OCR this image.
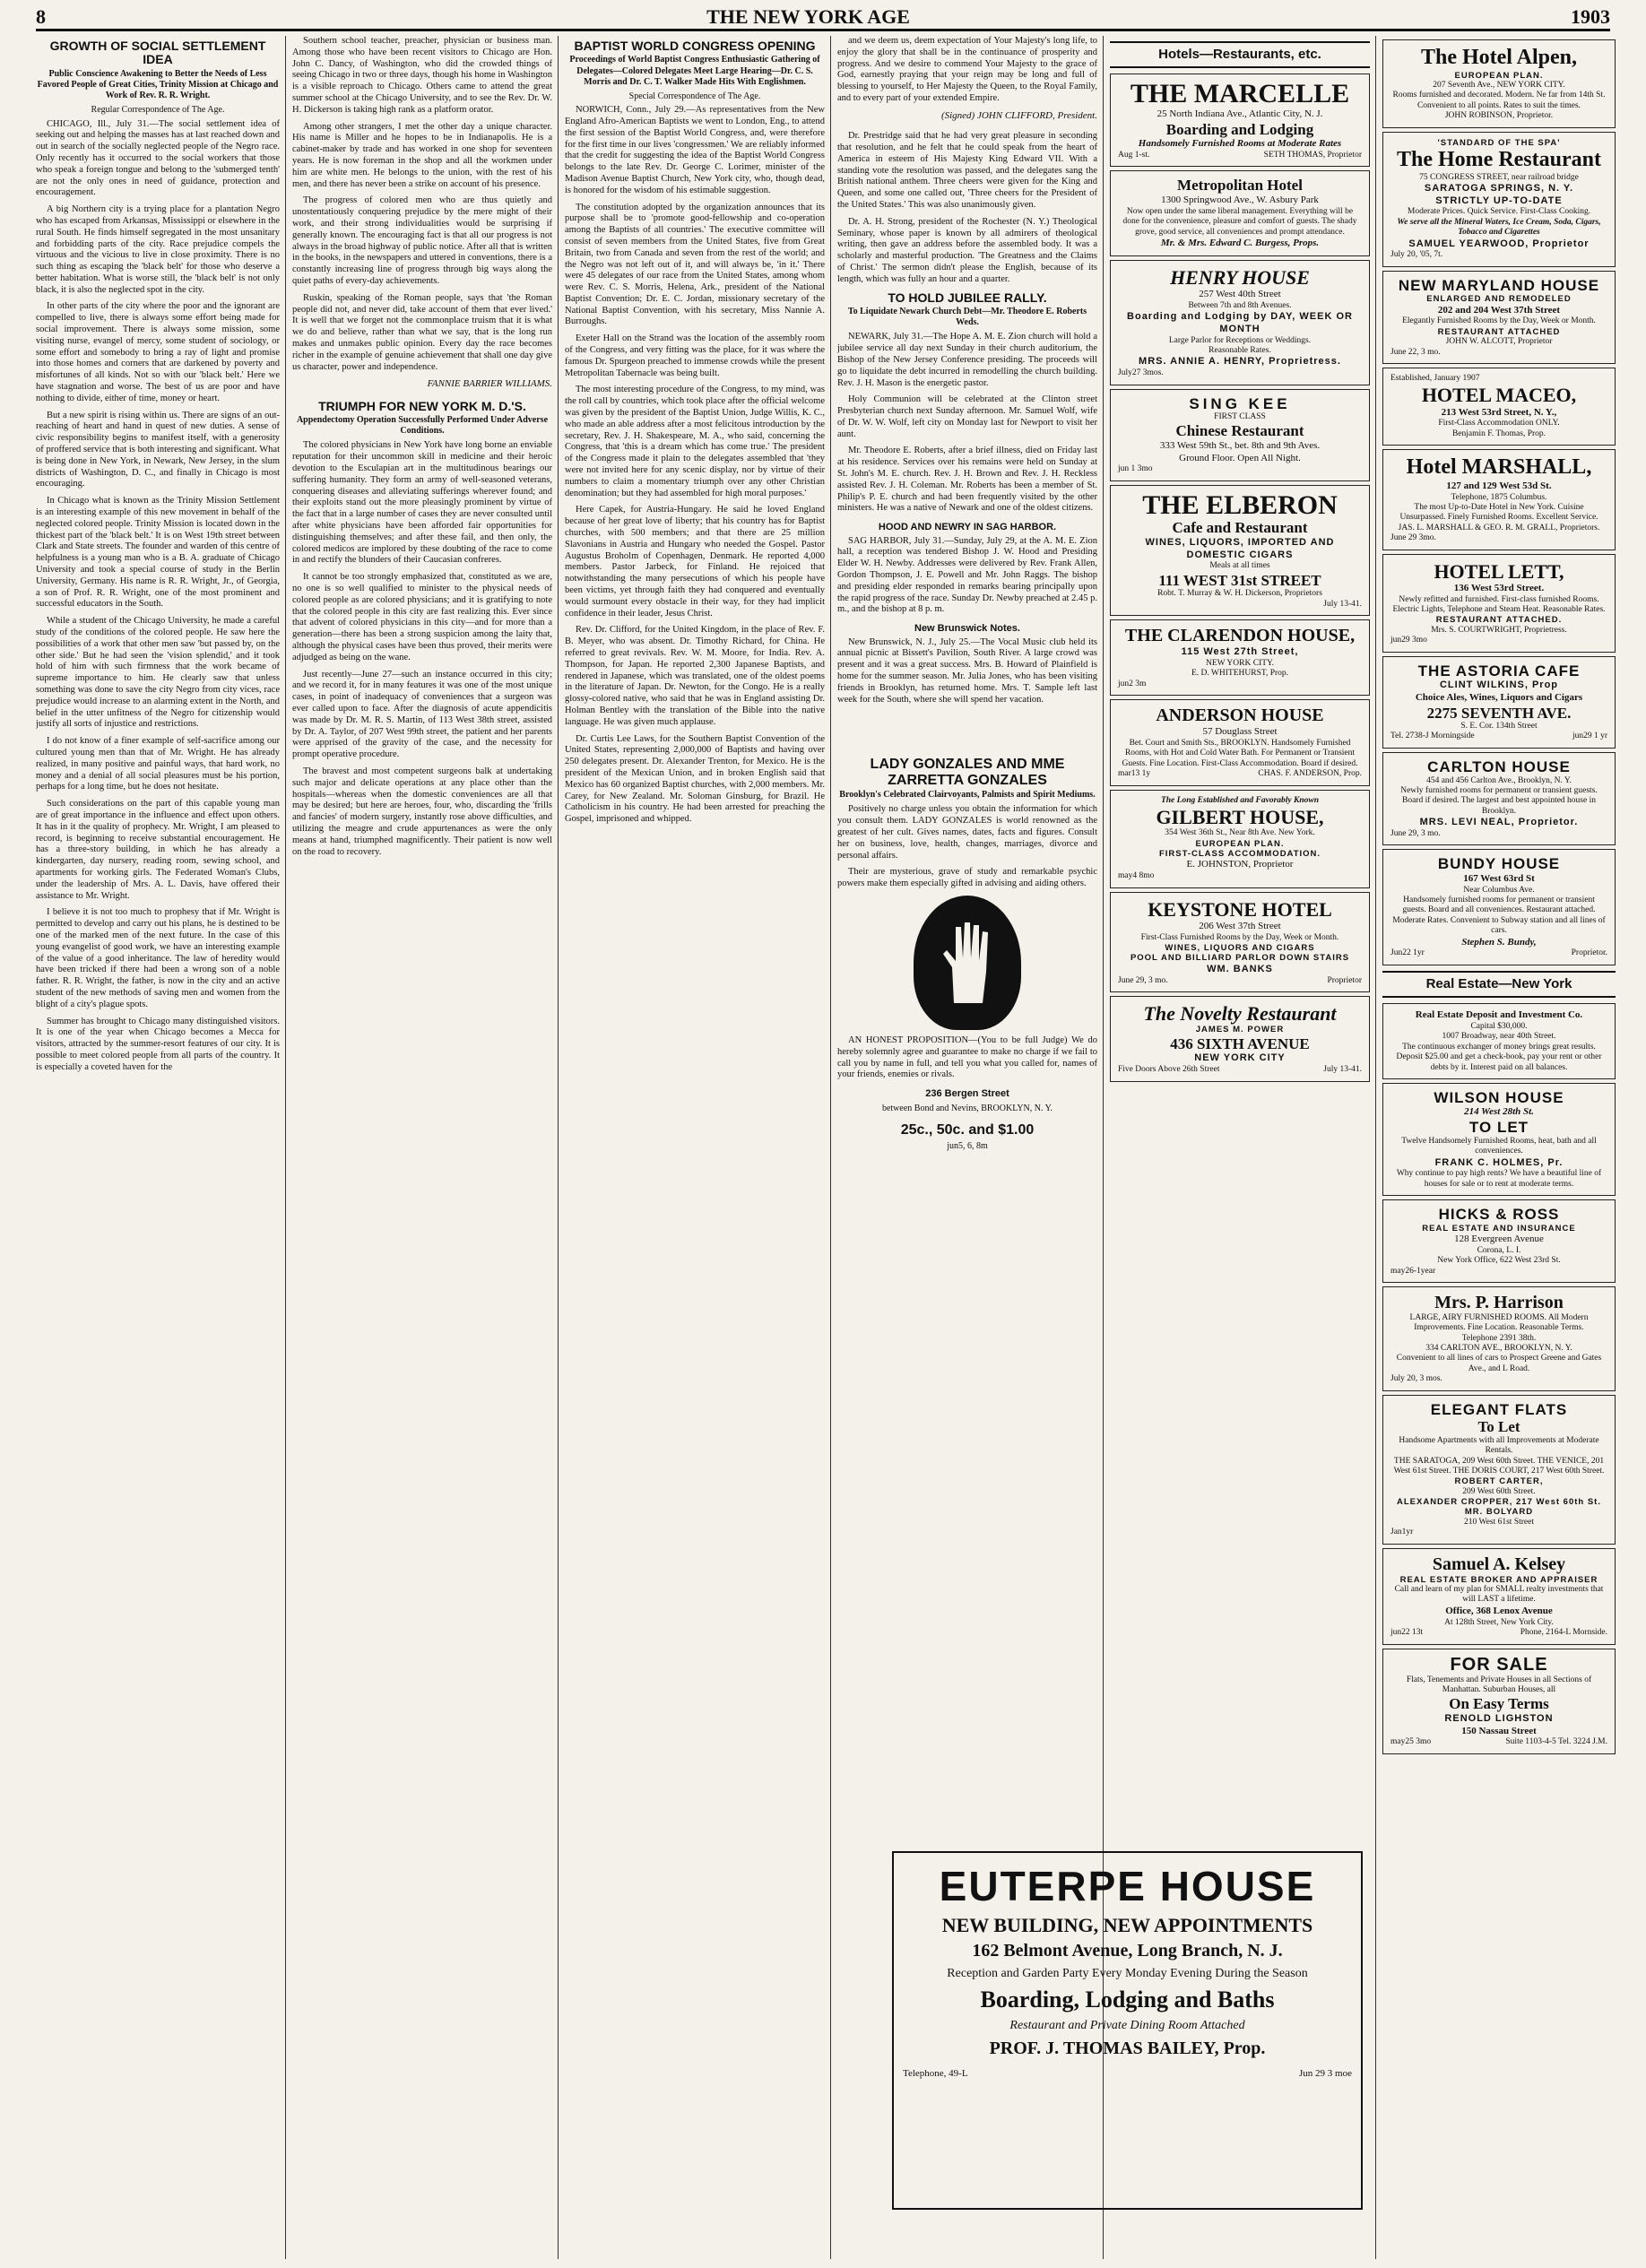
8	THE NEW YORK AGE	1903
GROWTH OF SOCIAL SETTLEMENT IDEA
Public Conscience Awakening to Better the Needs of Less Favored People of Great Cities, Trinity Mission at Chicago and Work of Rev. R. R. Wright.
Regular Correspondence of The Age.

CHICAGO, Ill., July 31.—The social settlement idea of seeking out and helping the masses has at last reached down and out in search of the socially neglected people of the Negro race. Only recently has it occurred to the social workers that those who speak a foreign tongue and belong to the 'submerged tenth' are not the only ones in need of guidance, protection and encouragement.

A big Northern city is a trying place for a plantation Negro who has escaped from Arkansas, Mississippi or elsewhere in the rural South. He finds himself segregated in the most unsanitary and forbidding parts of the city. Race prejudice compels the virtuous and the vicious to live in close proximity. There is no such thing as escaping the 'black belt' for those who deserve a better habitation. What is worse still, the 'black belt' is not only black, it is also the neglected spot in the city.

In other parts of the city where the poor and the ignorant are compelled to live, there is always some effort being made for social improvement. There is always some mission, some visiting nurse, evangel of mercy, some student of sociology, or some effort and somebody to bring a ray of light and promise into those homes and corners that are darkened by poverty and misfortunes of all kinds. Not so with our 'black belt.' Here we have stagnation and worse. The best of us are poor and have nothing to divide, either of time, money or heart.

But a new spirit is rising within us. There are signs of an out-reaching of heart and hand in quest of new duties. A sense of civic responsibility begins to manifest itself, with a generosity of proffered service that is both interesting and significant. What is being done in New York, in Newark, New Jersey, in the slum districts of Washington, D. C., and finally in Chicago is most encouraging.

In Chicago what is known as the Trinity Mission Settlement is an interesting example of this new movement in behalf of the neglected colored people. Trinity Mission is located down in the thickest part of the 'black belt.' It is on West 19th street between Clark and State streets. The founder and warden of this centre of helpfulness is a young man who is a B. A. graduate of Chicago University and took a special course of study in the Berlin University, Germany. His name is R. R. Wright, Jr., of Georgia, a son of Prof. R. R. Wright, one of the most prominent and successful educators in the South.

While a student of the Chicago University, he made a careful study of the conditions of the colored people. He saw here the possibilities of a work that other men saw 'but passed by, on the other side.' But he had seen the 'vision splendid,' and it took hold of him with such firmness that the work became of supreme importance to him. He clearly saw that unless something was done to save the city Negro from city vices, race prejudice would increase to an alarming extent in the North, and belief in the utter unfitness of the Negro for citizenship would justify all sorts of injustice and restrictions.

I do not know of a finer example of self-sacrifice among our cultured young men than that of Mr. Wright. He has already realized, in many positive and painful ways, that hard work, no money and a denial of all social pleasures must be his portion, perhaps for a long time, but he does not hesitate.

Such considerations on the part of this capable young man are of great importance in the influence and effect upon others. It has in it the quality of prophecy. Mr. Wright, I am pleased to record, is beginning to receive substantial encouragement. He has a three-story building, in which he has already a kindergarten, day nursery, reading room, sewing school, and apartments for working girls. The Federated Woman's Clubs, under the leadership of Mrs. A. L. Davis, have offered their assistance to Mr. Wright.

I believe it is not too much to prophesy that if Mr. Wright is permitted to develop and carry out his plans, he is destined to be one of the marked men of the next future. In the case of this young evangelist of good work, we have an interesting example of the value of a good inheritance. The law of heredity would have been tricked if there had been a wrong son of a noble father. R. R. Wright, the father, is now in the city and an active student of the new methods of saving men and women from the blight of a city's plague spots.

Summer has brought to Chicago many distinguished visitors. It is one of the year when Chicago becomes a Mecca for visitors, attracted by the summer-resort features of our city. It is possible to meet colored people from all parts of the country. It is especially a coveted haven for the

Southern school teacher, preacher, physician or business man. Among those who have been recent visitors to Chicago are Hon. John C. Dancy, of Washington, who did the crowded things of seeing Chicago in two or three days, though his home in Washington is a visible reproach to Chicago. Others came to attend the great summer school at the Chicago University, and to see the Rev. Dr. W. H. Dickerson is taking high rank as a platform orator.

Among other strangers, I met the other day a unique character. His name is Miller and he hopes to be in Indianapolis. He is a cabinet-maker by trade and has worked in one shop for seventeen years. He is now foreman in the shop and all the workmen under him are white men. He belongs to the union, with the rest of his men, and there has never been a strike on account of his presence.

The progress of colored men who are thus quietly and unostentatiously conquering prejudice by the mere might of their work, and their strong individualities would be surprising if generally known. The encouraging fact is that all our progress is not always in the broad highway of public notice. After all that is written in the books, in the newspapers and uttered in conventions, there is a constantly increasing line of progress through big ways along the quiet paths of every-day achievements.

Ruskin, speaking of the Roman people, says that 'the Roman people did not, and never did, take account of them that ever lived.' It is well that we forget not the commonplace truism that it is what we do and believe, rather than what we say, that is the long run makes and unmakes public opinion. Every day the race becomes richer in the example of genuine achievement that shall one day give us character, power and independence.

FANNIE BARRIER WILLIAMS.
TRIUMPH FOR NEW YORK M. D.'S.
Appendectomy Operation Successfully Performed Under Adverse Conditions.

The colored physicians in New York have long borne an enviable reputation for their uncommon skill in medicine and their heroic devotion to the Esculapian art in the multitudinous bearings our suffering humanity. They form an army of well-seasoned veterans, conquering diseases and alleviating sufferings wherever found; and their exploits stand out the more pleasingly prominent by virtue of the fact that in a large number of cases they are never consulted until after white physicians have been afforded fair opportunities for distinguishing themselves; and after these fail, and then only, the colored medicos are implored by these doubting of the race to come in and rectify the blunders of their Caucasian confreres.

It cannot be too strongly emphasized that, constituted as we are, no one is so well qualified to minister to the physical needs of colored people as are colored physicians; and it is gratifying to note that the colored people in this city are fast realizing this. Ever since that advent of colored physicians in this city—and for more than a generation—there has been a strong suspicion among the laity that, although the physical cases have been thus proved, their merits were adjudged as being on the wane.

Just recently—June 27—such an instance occurred in this city; and we record it, for in many features it was one of the most unique cases, in point of inadequacy of conveniences that a surgeon was ever called upon to face. After the diagnosis of acute appendicitis was made by Dr. M. R. S. Martin, of 113 West 38th street, assisted by Dr. A. Taylor, of 207 West 99th street, the patient and her parents were apprised of the gravity of the case, and the necessity for prompt operative procedure.

The bravest and most competent surgeons balk at undertaking such major and delicate operations at any place other than the hospitals—whereas when the domestic conveniences are all that may be desired; but here are heroes, four, who, discarding the 'frills and fancies' of modern surgery, instantly rose above difficulties, and utilizing the meagre and crude appurtenances as were the only means at hand, triumphed magnificently. Their patient is now well on the road to recovery.

BAPTIST WORLD CONGRESS OPENING
Proceedings of World Baptist Congress Enthusiastic Gathering of Delegates—Colored Delegates Meet Large Hearing—Dr. C. S. Morris and Dr. C. T. Walker Made Hits With Englishmen.
Special Correspondence of The Age.

NORWICH, Conn., July 29.—As representatives from the New England Afro-American Baptists we went to London, Eng., to attend the first session of the Baptist World Congress, and, were therefore for the first time in our lives 'congressmen.' We are reliably informed that the credit for suggesting the idea of the Baptist World Congress belongs to the late Rev. Dr. George C. Lorimer, minister of the Madison Avenue Baptist Church, New York city, who, though dead, is honored for the wisdom of his estimable suggestion.

The constitution adopted by the organization announces that its purpose shall be to 'promote good-fellowship and co-operation among the Baptists of all countries.' The executive committee will consist of seven members from the United States, five from Great Britain, two from Canada and seven from the rest of the world; and the Negro was not left out of it, and will always be, 'in it.' There were 45 delegates of our race from the United States, among whom were Rev. C. S. Morris, Helena, Ark., president of the National Baptist Convention; Dr. E. C. Jordan, missionary secretary of the National Baptist Convention, with his secretary, Miss Nannie A. Burroughs.

Exeter Hall on the Strand was the location of the assembly room of the Congress, and very fitting was the place, for it was where the famous Dr. Spurgeon preached to immense crowds while the present Metropolitan Tabernacle was being built.

The most interesting procedure of the Congress, to my mind, was the roll call by countries, which took place after the official welcome was given by the president of the Baptist Union, Judge Willis, K. C., who made an able address after a most felicitous introduction by the secretary, Rev. J. H. Shakespeare, M. A., who said, concerning the Congress, that 'this is a dream which has come true.' The president of the Congress made it plain to the delegates assembled that 'they were not invited here for any scenic display, nor by virtue of their numbers to claim a momentary triumph over any other Christian denomination; but they had assembled for high moral purposes.'

Here Capek, for Austria-Hungary. He said he loved England because of her great love of liberty; that his country has for Baptist churches, with 500 members; and that there are 25 million Slavonians in Austria and Hungary who needed the Gospel. Pastor Augustus Broholm of Copenhagen, Denmark. He reported 4,000 members. Pastor Jarbeck, for Finland. He rejoiced that notwithstanding the many persecutions of which his people have been victims, yet through faith they had conquered and eventually would surmount every obstacle in their way, for they had implicit confidence in their leader, Jesus Christ.

Rev. Dr. Clifford, for the United Kingdom, in the place of Rev. F. B. Meyer, who was absent. Dr. Timothy Richard, for China. He referred to great revivals. Rev. W. M. Moore, for India. Rev. A. Thompson, for Japan. He reported 2,300 Japanese Baptists, and rendered in Japanese, which was translated, one of the oldest poems in the literature of Japan. Dr. Newton, for the Congo. He is a really glossy-colored native, who said that he was in England assisting Dr. Holman Bentley with the translation of the Bible into the native language. He was given much applause.

Dr. Curtis Lee Laws, for the Southern Baptist Convention of the United States, representing 2,000,000 of Baptists and having over 250 delegates present. Dr. Alexander Trenton, for Mexico. He is the president of the Mexican Union, and in broken English said that Mexico has 60 organized Baptist churches, with 2,000 members. Mr. Carey, for New Zealand. Mr. Soloman Ginsburg, for Brazil. He Catholicism in his country. He had been arrested for preaching the Gospel, imprisoned and whipped.

and we deem us, deem expectation of Your Majesty's long life, to enjoy the glory that shall be in the continuance of prosperity and progress. And we desire to commend Your Majesty to the grace of God, earnestly praying that your reign may be long and full of blessing to yourself, to Her Majesty the Queen, to the Royal Family, and to every part of your extended Empire.

(Signed) JOHN CLIFFORD, President.

Dr. Prestridge said that he had very great pleasure in seconding that resolution, and he felt that he could speak from the heart of America in esteem of His Majesty King Edward VII. With a standing vote the resolution was passed, and the delegates sang the British national anthem. Three cheers were given for the King and Queen, and some one called out, 'Three cheers for the President of the United States.' This was also unanimously given.

Dr. A. H. Strong, president of the Rochester (N. Y.) Theological Seminary, whose paper is known by all admirers of theological writing, then gave an address before the assembled body. It was a scholarly and masterful production. 'The Greatness and the Claims of Christ.' The sermon didn't please the English, because of its length, which was fully an hour and a quarter.

TO HOLD JUBILEE RALLY.
To Liquidate Newark Church Debt—Mr. Theodore E. Roberts Weds.

NEWARK, July 31.—The Hope A. M. E. Zion church will hold a jubilee service all day next Sunday in their church auditorium, the Bishop of the New Jersey Conference presiding. The proceeds will go to liquidate the debt incurred in remodelling the church building. Rev. J. H. Mason is the energetic pastor.

Holy Communion will be celebrated at the Clinton street Presbyterian church next Sunday afternoon. Mr. Samuel Wolf, wife of Dr. W. W. Wolf, left city on Monday last for Newport to visit her aunt.

Mr. Theodore E. Roberts, after a brief illness, died on Friday last at his residence. Services over his remains were held on Sunday at St. John's M. E. church. Rev. J. H. Brown and Rev. J. H. Reckless assisted Rev. J. H. Coleman. Mr. Roberts has been a member of St. Philip's P. E. church and had been frequently visited by the other ministers. He was a native of Newark and one of the oldest citizens.

HOOD AND NEWRY IN SAG HARBOR.

SAG HARBOR, July 31.—Sunday, July 29, at the A. M. E. Zion hall, a reception was tendered Bishop J. W. Hood and Presiding Elder W. H. Newby. Addresses were delivered by Rev. Frank Allen, Gordon Thompson, J. E. Powell and Mr. John Raggs. The bishop and presiding elder responded in remarks bearing principally upon the rapid progress of the race. Sunday Dr. Newby preached at 2.45 p. m., and the bishop at 8 p. m.

New Brunswick Notes.

New Brunswick, N. J., July 25.—The Vocal Music club held its annual picnic at Bissett's Pavilion, South River. A large crowd was present and it was a great success. Mrs. B. Howard of Plainfield is home for the summer season. Mr. Julia Jones, who has been visiting friends in Brooklyn, has returned home. Mrs. T. Sample left last week for the South, where she will spend her vacation.

LADY GONZALES AND MME ZARRETTA GONZALES
Brooklyn's Celebrated Clairvoyants, Palmists and Spirit Mediums.

Positively no charge unless you obtain the information for which you consult them. LADY GONZALES is world renowned as the greatest of her cult. Gives names, dates, facts and figures. Consult her on business, love, health, changes, marriages, divorce and personal affairs.

Their are mysterious, grave of study and remarkable psychic powers make them especially gifted in advising and aiding others.

AN HONEST PROPOSITION—(You to be full Judge) We do hereby solemnly agree and guarantee to make no charge if we fail to call you by name in full, and tell you what you called for, names of your friends, enemies or rivals.

236 Bergen Street
between Bond and Nevins, BROOKLYN, N. Y.
25c., 50c. and $1.00
jun5, 6, 8m
Hotels—Restaurants, etc.
THE MARCELLE
25 North Indiana Ave., Atlantic City, N. J.
Boarding and Lodging
Handsomely Furnished Rooms at Moderate Rates
Aug 1-st.	SETH THOMAS, Proprietor
Metropolitan Hotel
1300 Springwood Ave., W. Asbury Park
Now open under the same liberal management. Everything will be done for the convenience, pleasure and comfort of guests. The shady grove, good service, all conveniences and prompt attendance.
Mr. & Mrs. Edward C. Burgess, Props.
HENRY HOUSE
257 West 40th Street
Between 7th and 8th Avenues.
Boarding and Lodging by DAY, WEEK OR MONTH
Large Parlor for Receptions or Weddings.
Reasonable Rates.
MRS. ANNIE A. HENRY, Proprietress.
July27 3mos.
SING KEE
FIRST CLASS
Chinese Restaurant
333 West 59th St., bet. 8th and 9th Aves.
Ground Floor. Open All Night.
jun 1 3mo
THE ELBERON
Cafe and Restaurant
WINES, LIQUORS, IMPORTED AND DOMESTIC CIGARS
Meals at all times
111 WEST 31st STREET
Robt. T. Murray & W. H. Dickerson, Proprietors
July 13-41.
THE CLARENDON HOUSE,
115 West 27th Street,
NEW YORK CITY.
E. D. WHITEHURST, Prop.
jun2 3m
ANDERSON HOUSE
57 Douglass Street
Bet. Court and Smith Sts., BROOKLYN. Handsomely Furnished Rooms, with Hot and Cold Water Bath. For Permanent or Transient Guests. Fine Location. First-Class Accommodation. Board if desired.
mar13 1y	CHAS. F. ANDERSON, Prop.
The Long Established and Favorably Known
GILBERT HOUSE,
354 West 36th St., Near 8th Ave. New York.
EUROPEAN PLAN.
FIRST-CLASS ACCOMMODATION.
E. JOHNSTON, Proprietor
may4 8mo
KEYSTONE HOTEL
206 West 37th Street
First-Class Furnished Rooms by the Day, Week or Month.
WINES, LIQUORS AND CIGARS
POOL AND BILLIARD PARLOR DOWN STAIRS
WM. BANKS
June 29, 3 mo.	Proprietor
The Novelty Restaurant
JAMES M. POWER
436 SIXTH AVENUE
NEW YORK CITY
Five Doors Above 26th Street	July 13-41.
EUTERPE HOUSE
NEW BUILDING, NEW APPOINTMENTS
162 Belmont Avenue, Long Branch, N. J.
Reception and Garden Party Every Monday Evening During the Season
Boarding, Lodging and Baths
Restaurant and Private Dining Room Attached
PROF. J. THOMAS BAILEY, Prop.
Telephone, 49-L	Jun 29 3 moe
The Hotel Alpen,
EUROPEAN PLAN.
207 Seventh Ave., NEW YORK CITY.
Rooms furnished and decorated. Modern. Ne far from 14th St. Convenient to all points. Rates to suit the times.
JOHN ROBINSON, Proprietor.
'STANDARD OF THE SPA'
The Home Restaurant
75 CONGRESS STREET, near railroad bridge
SARATOGA SPRINGS, N. Y.
STRICTLY UP-TO-DATE
Moderate Prices. Quick Service. First-Class Cooking.
We serve all the Mineral Waters, Ice Cream, Soda, Cigars, Tobacco and Cigarettes
SAMUEL YEARWOOD, Proprietor
July 20, '05, 7t.
NEW MARYLAND HOUSE
ENLARGED AND REMODELED
202 and 204 West 37th Street
Elegantly Furnished Rooms by the Day, Week or Month.
RESTAURANT ATTACHED
JOHN W. ALCOTT, Proprietor
June 22, 3 mo.
Established, January 1907
HOTEL MACEO,
213 West 53rd Street, N. Y.,
First-Class Accommodation ONLY.
Benjamin F. Thomas, Prop.
Hotel MARSHALL,
127 and 129 West 53d St.
Telephone, 1875 Columbus.
The most Up-to-Date Hotel in New York. Cuisine Unsurpassed. Finely Furnished Rooms. Excellent Service.
JAS. L. MARSHALL & GEO. R. M. GRALL, Proprietors.
June 29 3mo.
HOTEL LETT,
136 West 53rd Street.
Newly refitted and furnished. First-class furnished Rooms. Electric Lights, Telephone and Steam Heat. Reasonable Rates.
RESTAURANT ATTACHED.
Mrs. S. COURTWRIGHT, Proprietress.
jun29 3mo
THE ASTORIA CAFE
CLINT WILKINS, Prop
Choice Ales, Wines, Liquors and Cigars
2275 SEVENTH AVE.
S. E. Cor. 134th Street
Tel. 2738-J Morningside	jun29 1 yr
CARLTON HOUSE
454 and 456 Carlton Ave., Brooklyn, N. Y.
Newly furnished rooms for permanent or transient guests. Board if desired. The largest and best appointed house in Brooklyn.
MRS. LEVI NEAL, Proprietor.
June 29, 3 mo.
BUNDY HOUSE
167 West 63rd St
Near Columbus Ave.
Handsomely furnished rooms for permanent or transient guests. Board and all conveniences. Restaurant attached. Moderate Rates. Convenient to Subway station and all lines of cars.
Stephen S. Bundy,
Jun22 1yr	Proprietor.
Real Estate—New York
Real Estate Deposit and Investment Co.
Capital $30,000.
1007 Broadway, near 40th Street.
The continuous exchanger of money brings great results. Deposit $25.00 and get a check-book, pay your rent or other debts by it. Interest paid on all balances.
WILSON HOUSE
214 West 28th St.
TO LET
Twelve Handsomely Furnished Rooms, heat, bath and all conveniences.
FRANK C. HOLMES, Pr.
Why continue to pay high rents? We have a beautiful line of houses for sale or to rent at moderate terms.
HICKS & ROSS
REAL ESTATE AND INSURANCE
128 Evergreen Avenue
Corona, L. I.
New York Office, 622 West 23rd St.
may26-1year
Mrs. P. Harrison
LARGE, AIRY FURNISHED ROOMS. All Modern Improvements. Fine Location. Reasonable Terms.
Telephone 2391 38th.
334 CARLTON AVE., BROOKLYN, N. Y.
Convenient to all lines of cars to Prospect Greene and Gates Ave., and L Road.
July 20, 3 mos.
ELEGANT FLATS
To Let
Handsome Apartments with all Improvements at Moderate Rentals.
THE SARATOGA, 209 West 60th Street. THE VENICE, 201 West 61st Street. THE DORIS COURT, 217 West 60th Street.
ROBERT CARTER,
209 West 60th Street.
ALEXANDER CROPPER, 217 West 60th St.
MR. BOLYARD
210 West 61st Street
Jan1yr
Samuel A. Kelsey
REAL ESTATE BROKER AND APPRAISER
Call and learn of my plan for SMALL realty investments that will LAST a lifetime.
Office, 368 Lenox Avenue
At 128th Street, New York City.
jun22 13t	Phone, 2164-L Mornside.
FOR SALE
Flats, Tenements and Private Houses in all Sections of Manhattan. Suburban Houses, all
On Easy Terms
RENOLD LIGHSTON
150 Nassau Street
may25 3mo	Suite 1103-4-5 Tel. 3224 J.M.
